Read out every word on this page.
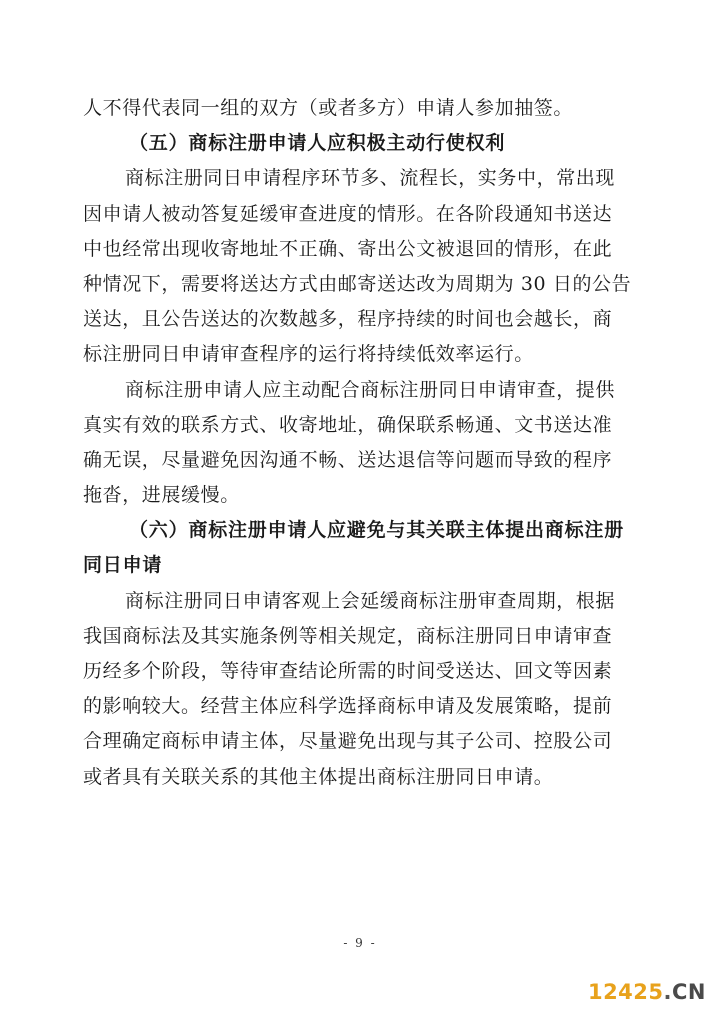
人不得代表同一组的双方（或者多方）申请人参加抽签。
（五）商标注册申请人应积极主动行使权利
商标注册同日申请程序环节多、流程长，实务中，常出现
因申请人被动答复延缓审查进度的情形。在各阶段通知书送达
中也经常出现收寄地址不正确、寄出公文被退回的情形，在此
种情况下，需要将送达方式由邮寄送达改为周期为 30 日的公告
送达，且公告送达的次数越多，程序持续的时间也会越长，商
标注册同日申请审查程序的运行将持续低效率运行。
商标注册申请人应主动配合商标注册同日申请审查，提供
真实有效的联系方式、收寄地址，确保联系畅通、文书送达准
确无误，尽量避免因沟通不畅、送达退信等问题而导致的程序
拖沓，进展缓慢。
（六）商标注册申请人应避免与其关联主体提出商标注册
同日申请
商标注册同日申请客观上会延缓商标注册审查周期，根据
我国商标法及其实施条例等相关规定，商标注册同日申请审查
历经多个阶段，等待审查结论所需的时间受送达、回文等因素
的影响较大。经营主体应科学选择商标申请及发展策略，提前
合理确定商标申请主体，尽量避免出现与其子公司、控股公司
或者具有关联关系的其他主体提出商标注册同日申请。
- 9 -
12425.CN
